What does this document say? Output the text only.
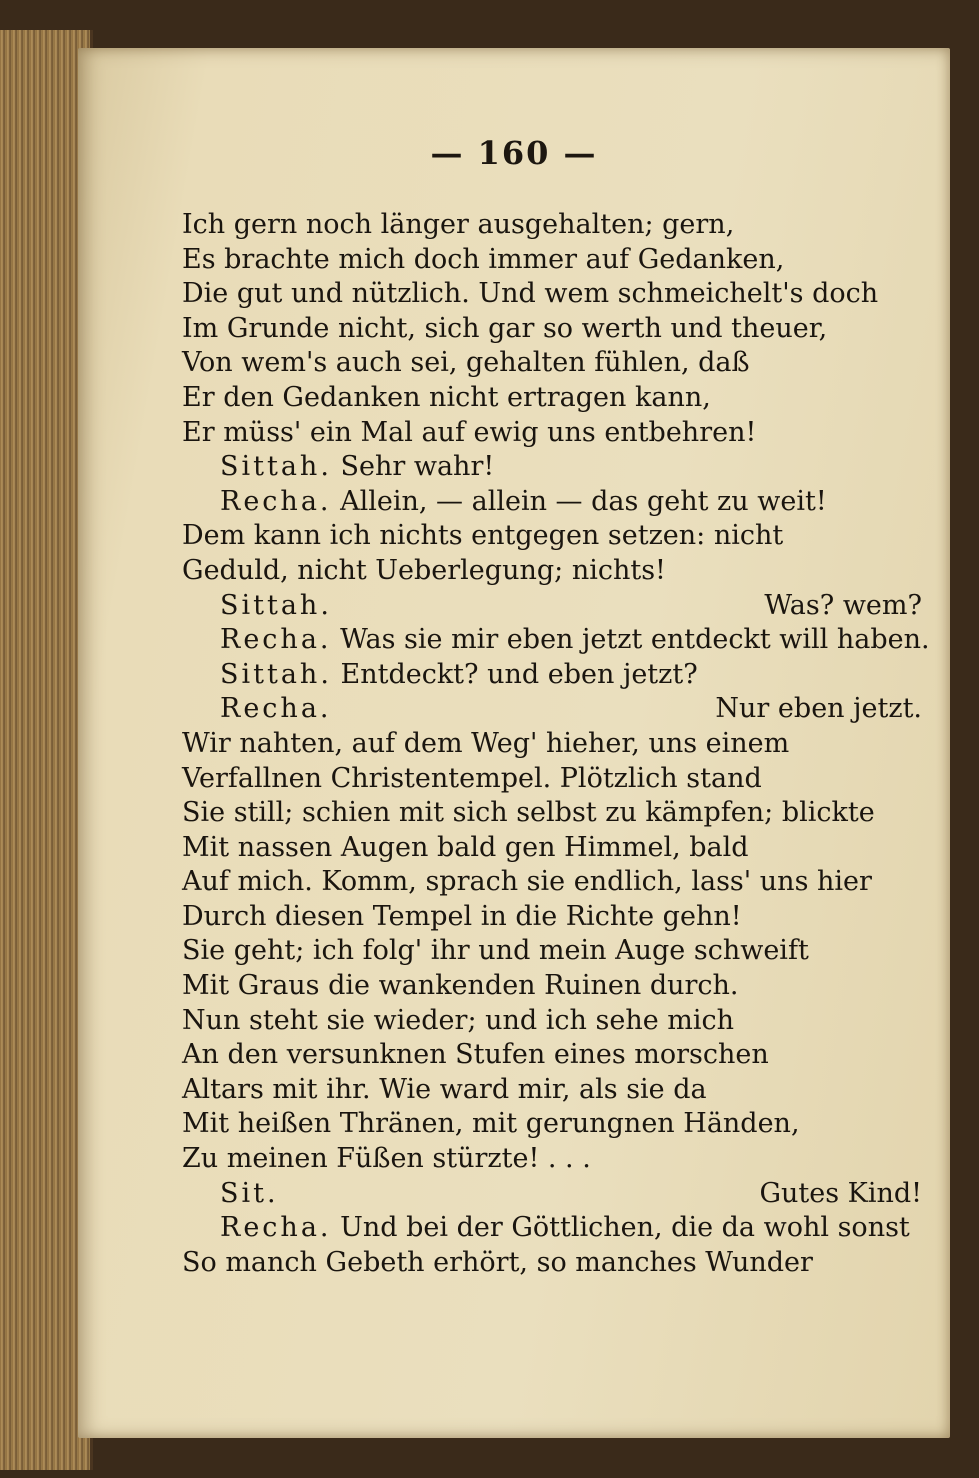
— 160 —
Ich gern noch länger ausgehalten; gern,
Es brachte mich doch immer auf Gedanken,
Die gut und nützlich. Und wem schmeichelt's doch
Im Grunde nicht, sich gar so werth und theuer,
Von wem's auch sei, gehalten fühlen, daß
Er den Gedanken nicht ertragen kann,
Er müss' ein Mal auf ewig uns entbehren!
Sittah. Sehr wahr!
Recha. Allein, — allein — das geht zu weit!
Dem kann ich nichts entgegen setzen: nicht
Geduld, nicht Ueberlegung; nichts!
Sittah.	Was? wem?
Recha. Was sie mir eben jetzt entdeckt will haben.
Sittah. Entdeckt? und eben jetzt?
Recha.	Nur eben jetzt.
Wir nahten, auf dem Weg' hieher, uns einem
Verfallnen Christentempel. Plötzlich stand
Sie still; schien mit sich selbst zu kämpfen; blickte
Mit nassen Augen bald gen Himmel, bald
Auf mich. Komm, sprach sie endlich, lass' uns hier
Durch diesen Tempel in die Richte gehn!
Sie geht; ich folg' ihr und mein Auge schweift
Mit Graus die wankenden Ruinen durch.
Nun steht sie wieder; und ich sehe mich
An den versunknen Stufen eines morschen
Altars mit ihr. Wie ward mir, als sie da
Mit heißen Thränen, mit gerungnen Händen,
Zu meinen Füßen stürzte! . . .
Sit.	Gutes Kind!
Recha. Und bei der Göttlichen, die da wohl sonst
So manch Gebeth erhört, so manches Wunder
